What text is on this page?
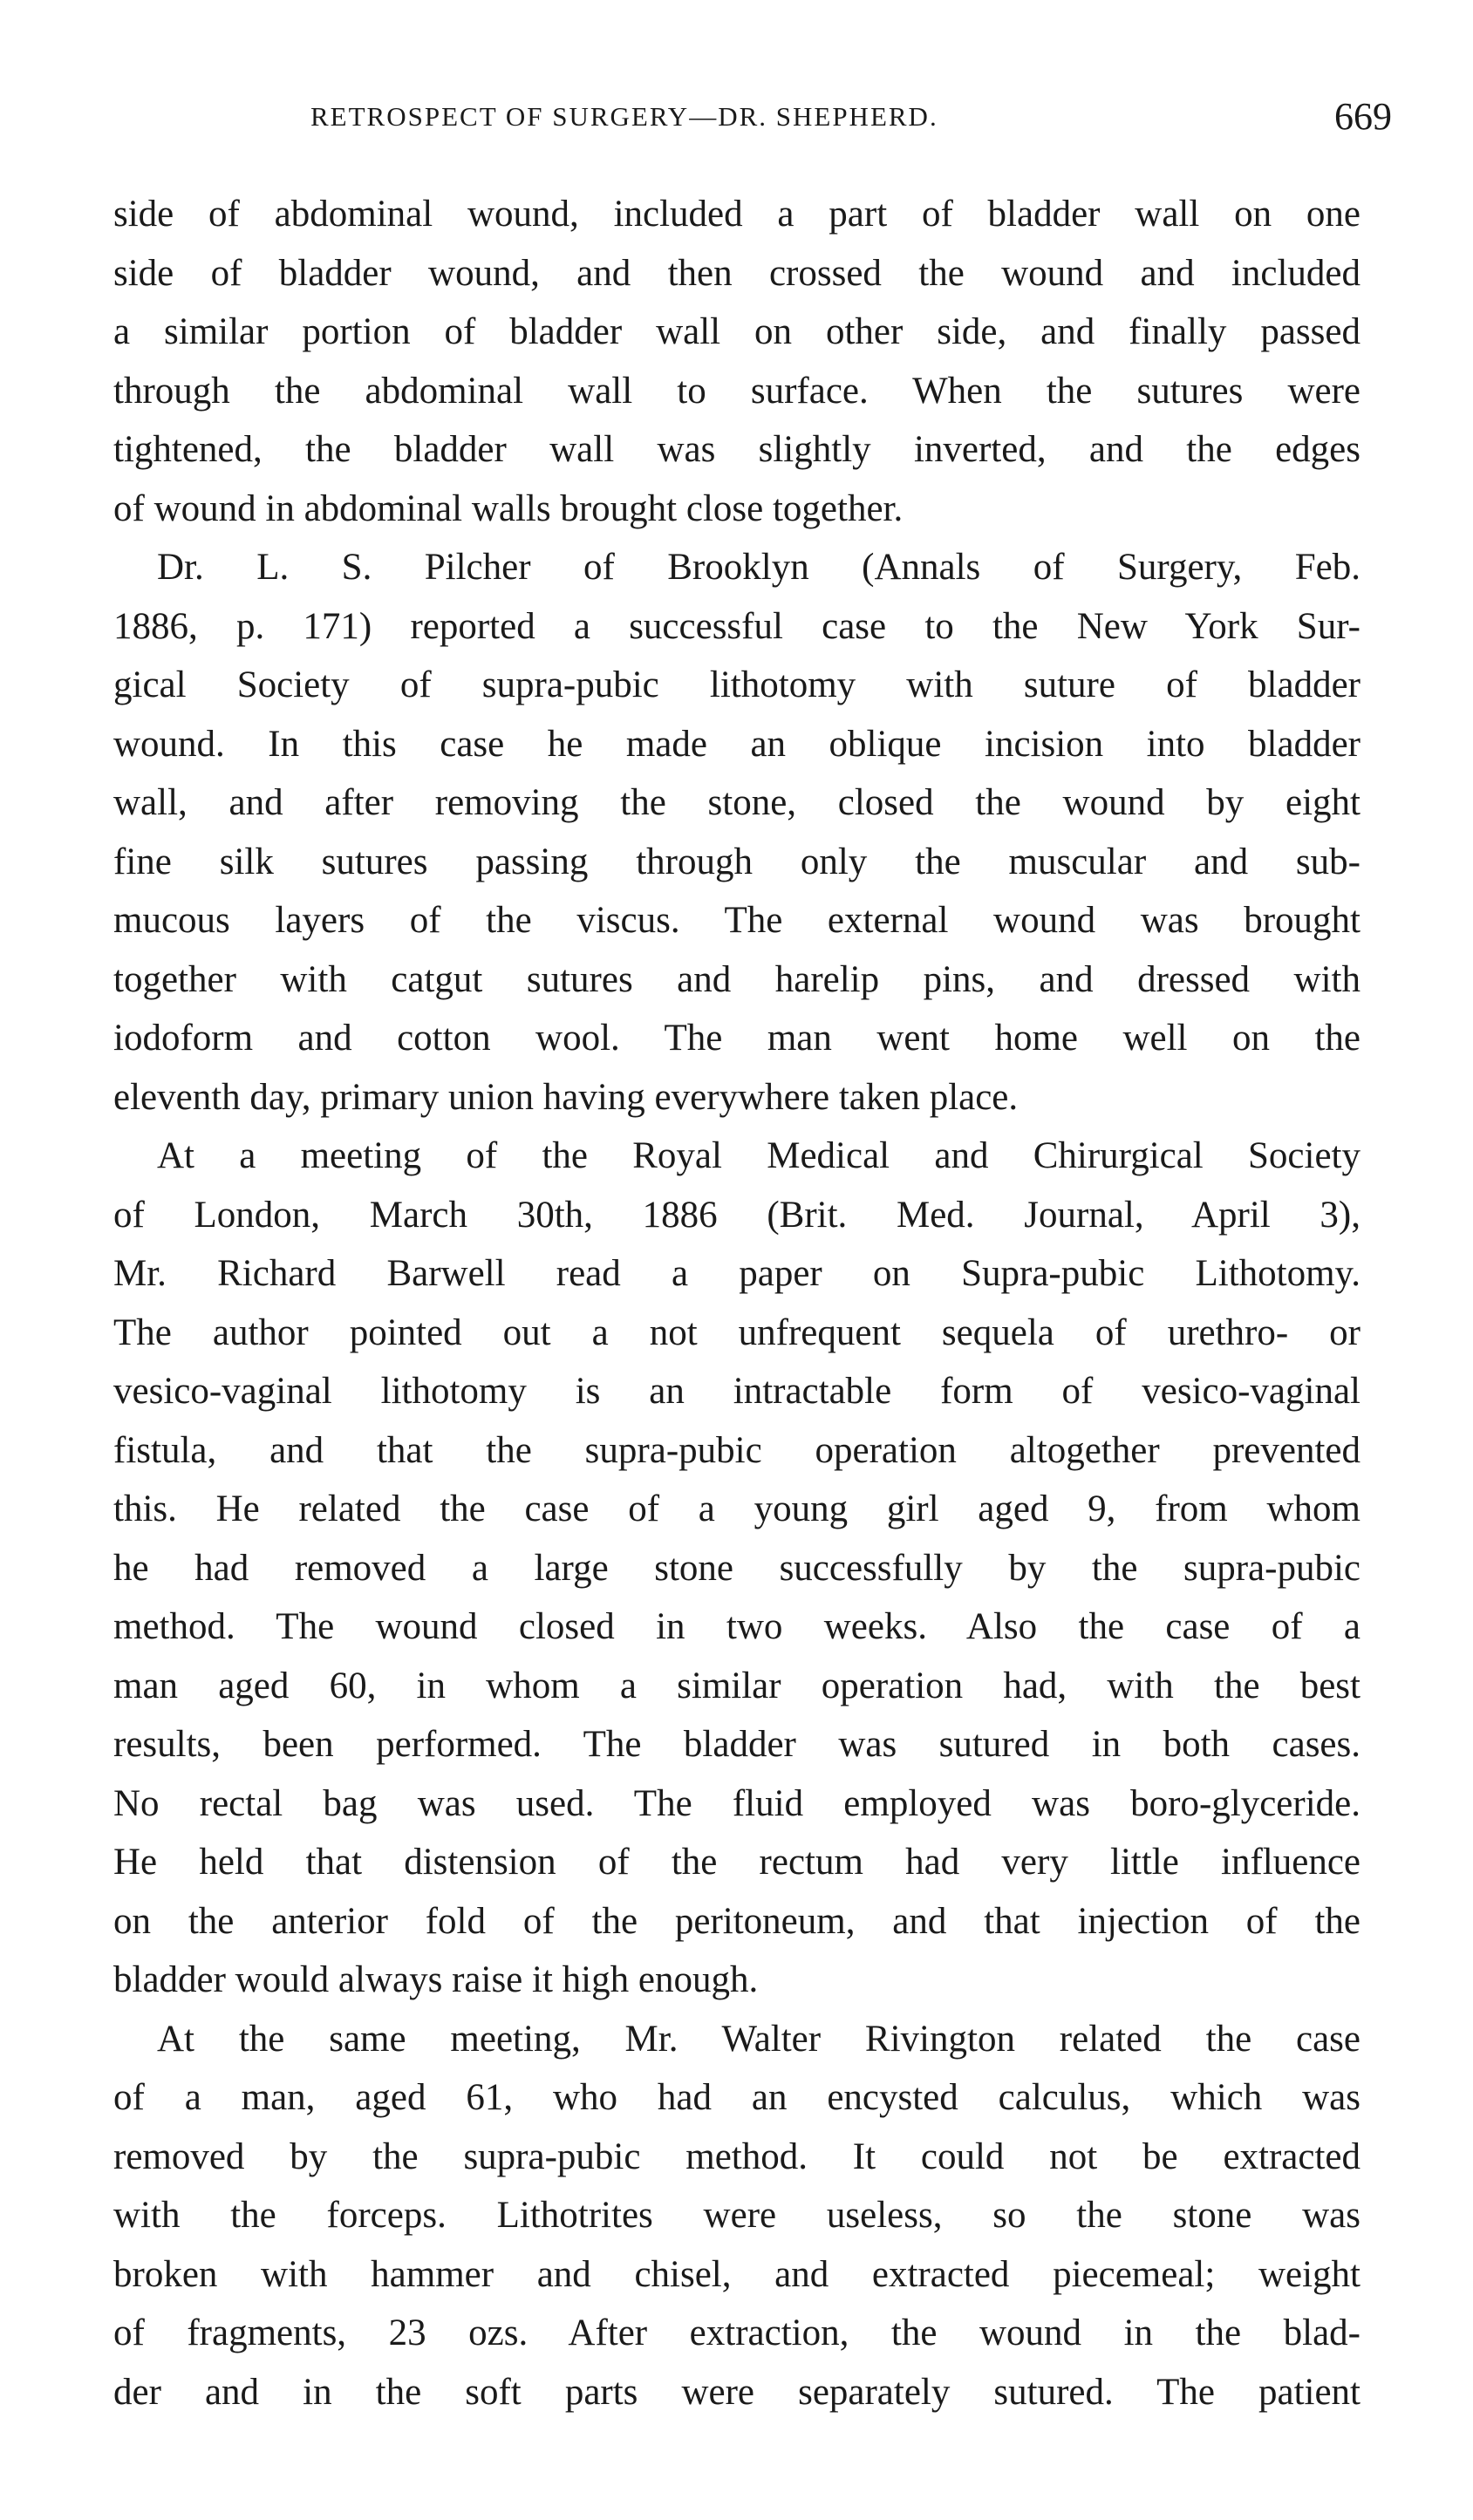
RETROSPECT OF SURGERY—DR. SHEPHERD.	669
side of abdominal wound, included a part of bladder wall on one
side of bladder wound, and then crossed the wound and included
a similar portion of bladder wall on other side, and finally passed
through the abdominal wall to surface. When the sutures were
tightened, the bladder wall was slightly inverted, and the edges
of wound in abdominal walls brought close together.
Dr. L. S. Pilcher of Brooklyn (Annals of Surgery, Feb.
1886, p. 171) reported a successful case to the New York Sur-
gical Society of supra-pubic lithotomy with suture of bladder
wound. In this case he made an oblique incision into bladder
wall, and after removing the stone, closed the wound by eight
fine silk sutures passing through only the muscular and sub-
mucous layers of the viscus. The external wound was brought
together with catgut sutures and harelip pins, and dressed with
iodoform and cotton wool. The man went home well on the
eleventh day, primary union having everywhere taken place.
At a meeting of the Royal Medical and Chirurgical Society
of London, March 30th, 1886 (Brit. Med. Journal, April 3),
Mr. Richard Barwell read a paper on Supra-pubic Lithotomy.
The author pointed out a not unfrequent sequela of urethro- or
vesico-vaginal lithotomy is an intractable form of vesico-vaginal
fistula, and that the supra-pubic operation altogether prevented
this. He related the case of a young girl aged 9, from whom
he had removed a large stone successfully by the supra-pubic
method. The wound closed in two weeks. Also the case of a
man aged 60, in whom a similar operation had, with the best
results, been performed. The bladder was sutured in both cases.
No rectal bag was used. The fluid employed was boro-glyceride.
He held that distension of the rectum had very little influence
on the anterior fold of the peritoneum, and that injection of the
bladder would always raise it high enough.
At the same meeting, Mr. Walter Rivington related the case
of a man, aged 61, who had an encysted calculus, which was
removed by the supra-pubic method. It could not be extracted
with the forceps. Lithotrites were useless, so the stone was
broken with hammer and chisel, and extracted piecemeal; weight
of fragments, 23 ozs. After extraction, the wound in the blad-
der and in the soft parts were separately sutured. The patient
